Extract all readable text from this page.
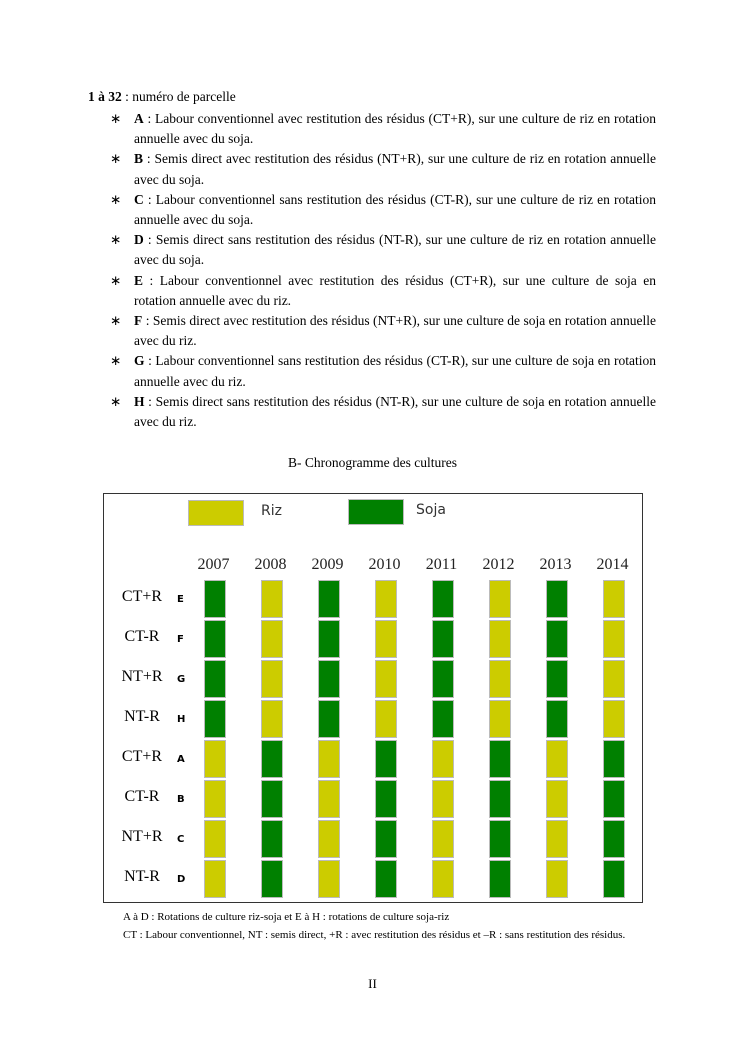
1 à 32 : numéro de parcelle
∗ A : Labour conventionnel avec restitution des résidus (CT+R), sur une culture de riz en rotation annuelle avec du soja.
∗ B : Semis direct avec restitution des résidus (NT+R), sur une culture de riz en rotation annuelle avec du soja.
∗ C : Labour conventionnel sans restitution des résidus (CT-R), sur une culture de riz en rotation annuelle avec du soja.
∗ D : Semis direct sans restitution des résidus (NT-R), sur une culture de riz en rotation annuelle avec du soja.
∗ E : Labour conventionnel avec restitution des résidus (CT+R), sur une culture de soja en rotation annuelle avec du riz.
∗ F : Semis direct avec restitution des résidus (NT+R), sur une culture de soja en rotation annuelle avec du riz.
∗ G : Labour conventionnel sans restitution des résidus (CT-R), sur une culture de soja en rotation annuelle avec du riz.
∗ H : Semis direct sans restitution des résidus (NT-R), sur une culture de soja en rotation annuelle avec du riz.
B- Chronogramme des cultures
Riz	Soja
2007	2008	2009	2010	2011	2012	2013	2014
CT+R	E
CT-R	F
NT+R	G
NT-R	H
CT+R	A
CT-R	B
NT+R	C
NT-R	D
A à D : Rotations de culture riz-soja et E à H : rotations de culture soja-riz
CT : Labour conventionnel, NT : semis direct, +R : avec restitution des résidus et –R : sans restitution des résidus.
II
